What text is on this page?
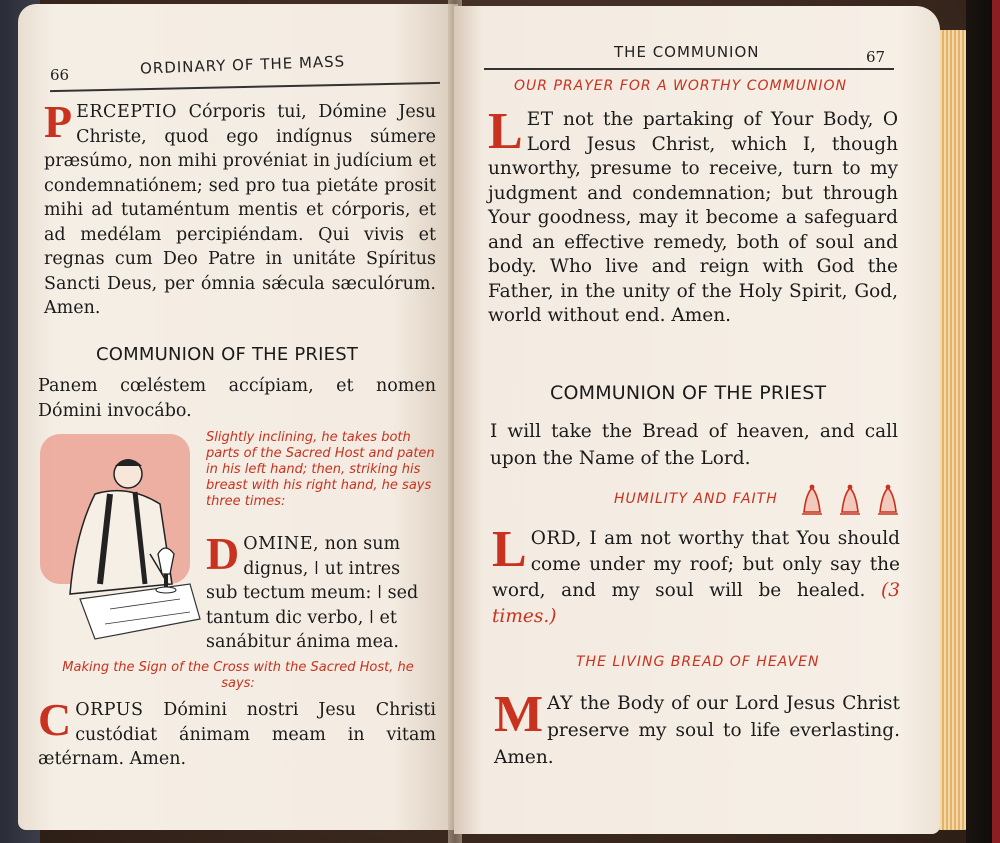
66	ORDINARY OF THE MASS
PERCEPTIO Córporis tui, Dómine Jesu Christe, quod ego indígnus súmere præsúmo, non mihi provéniat in judícium et condemnatiónem; sed pro tua pietáte prosit mihi ad tutaméntum mentis et córporis, et ad medélam percipiéndam. Qui vivis et regnas cum Deo Patre in unitáte Spíritus Sancti Deus, per ómnia sǽcula sæculórum. Amen.
COMMUNION OF THE PRIEST
Panem cœléstem accípiam, et nomen Dómini invocábo.
Slightly inclining, he takes both parts of the Sacred Host and paten in his left hand; then, striking his breast with his right hand, he says three times:
DOMINE, non sum
dignus, ǀ ut intres
sub tectum meum: ǀ sed
tantum dic verbo, ǀ et
sanábitur ánima mea.
Making the Sign of the Cross with the Sacred Host, he says:
CORPUS Dómini nostri Jesu Christi custódiat ánimam meam in vitam ætérnam. Amen.
THE COMMUNION	67
OUR PRAYER FOR A WORTHY COMMUNION
LET not the partaking of Your Body, O Lord Jesus Christ, which I, though unworthy, presume to receive, turn to my judgment and condemnation; but through Your goodness, may it become a safeguard and an effective remedy, both of soul and body. Who live and reign with God the Father, in the unity of the Holy Spirit, God, world without end. Amen.
COMMUNION OF THE PRIEST
I will take the Bread of heaven, and call upon the Name of the Lord.
HUMILITY AND FAITH
LORD, I am not worthy that You should come under my roof; but only say the word, and my soul will be healed. (3 times.)
THE LIVING BREAD OF HEAVEN
MAY the Body of our Lord Jesus Christ preserve my soul to life everlasting. Amen.
